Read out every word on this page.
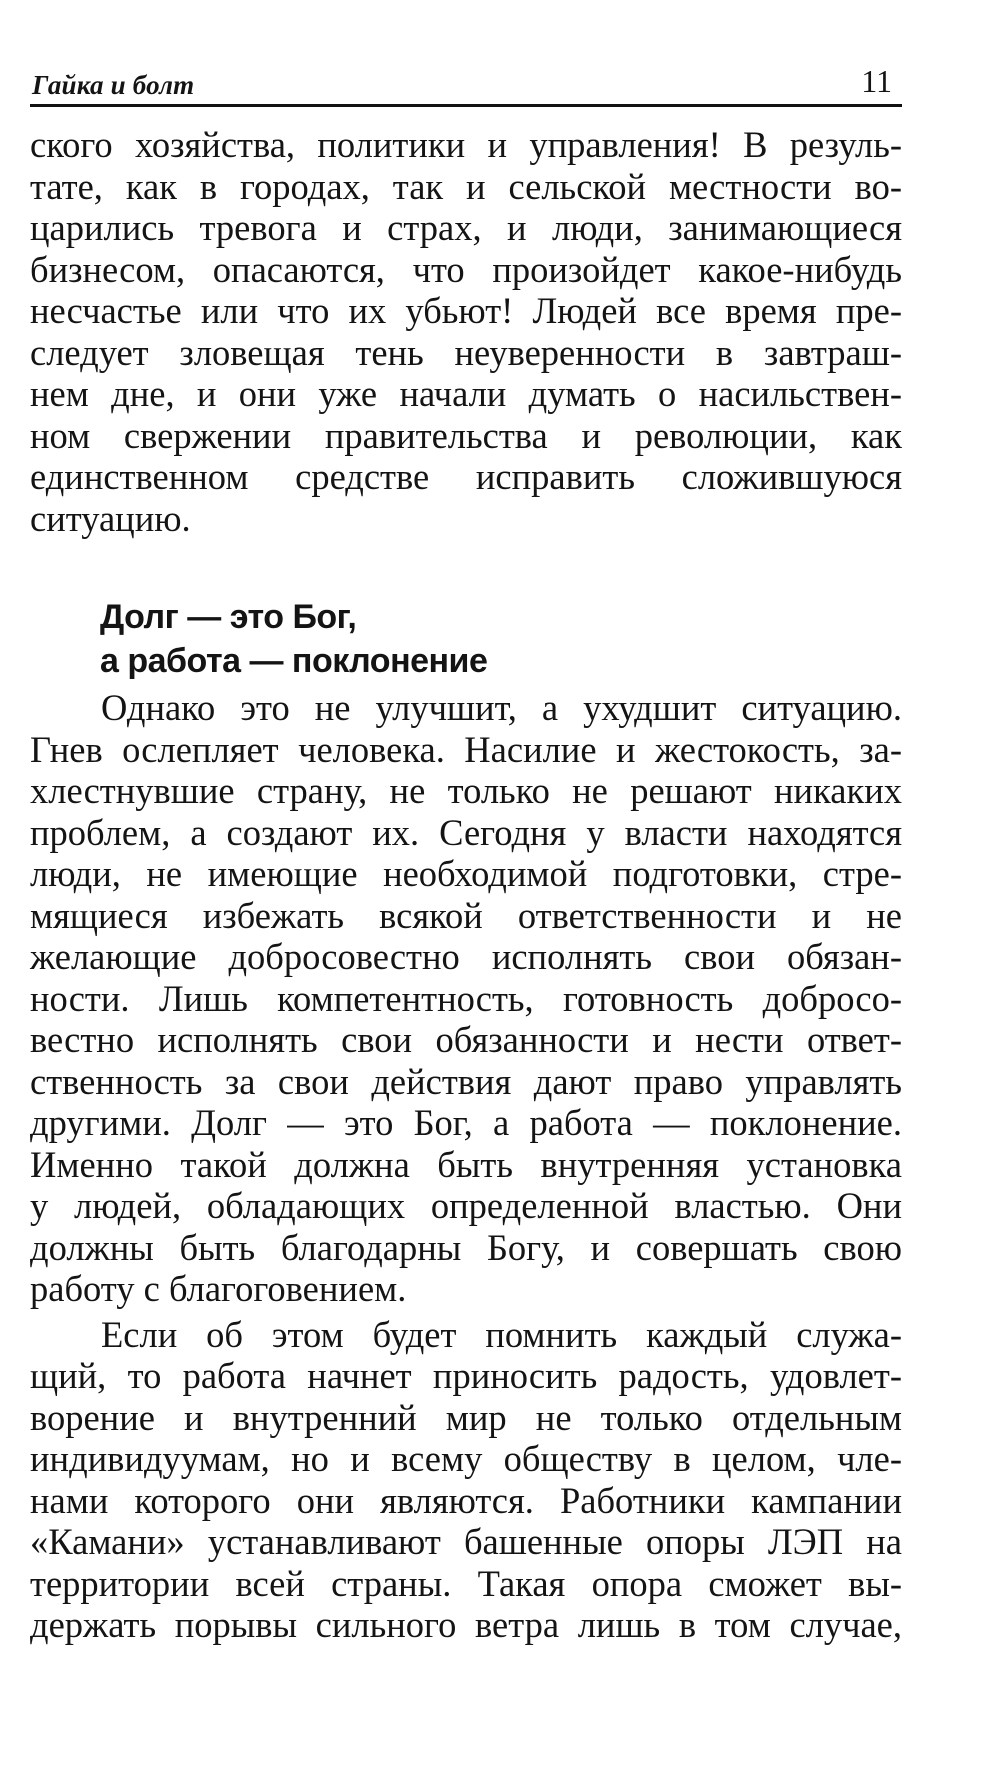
Гайка и болт	11
ского хозяйства, политики и управления! В резуль-
тате, как в городах, так и сельской местности во-
царились тревога и страх, и люди, занимающиеся
бизнесом, опасаются, что произойдет какое-нибудь
несчастье или что их убьют! Людей все время пре-
следует зловещая тень неуверенности в завтраш-
нем дне, и они уже начали думать о насильствен-
ном свержении правительства и революции, как
единственном средстве исправить сложившуюся
ситуацию.
Долг — это Бог,
а работа — поклонение
Однако это не улучшит, а ухудшит ситуацию.
Гнев ослепляет человека. Насилие и жестокость, за-
хлестнувшие страну, не только не решают никаких
проблем, а создают их. Сегодня у власти находятся
люди, не имеющие необходимой подготовки, стре-
мящиеся избежать всякой ответственности и не
желающие добросовестно исполнять свои обязан-
ности. Лишь компетентность, готовность добросо-
вестно исполнять свои обязанности и нести ответ-
ственность за свои действия дают право управлять
другими. Долг — это Бог, а работа — поклонение.
Именно такой должна быть внутренняя установка
у людей, обладающих определенной властью. Они
должны быть благодарны Богу, и совершать свою
работу с благоговением.
Если об этом будет помнить каждый служа-
щий, то работа начнет приносить радость, удовлет-
ворение и внутренний мир не только отдельным
индивидуумам, но и всему обществу в целом, чле-
нами которого они являются. Работники кампании
«Камани» устанавливают башенные опоры ЛЭП на
территории всей страны. Такая опора сможет вы-
держать порывы сильного ветра лишь в том случае,
